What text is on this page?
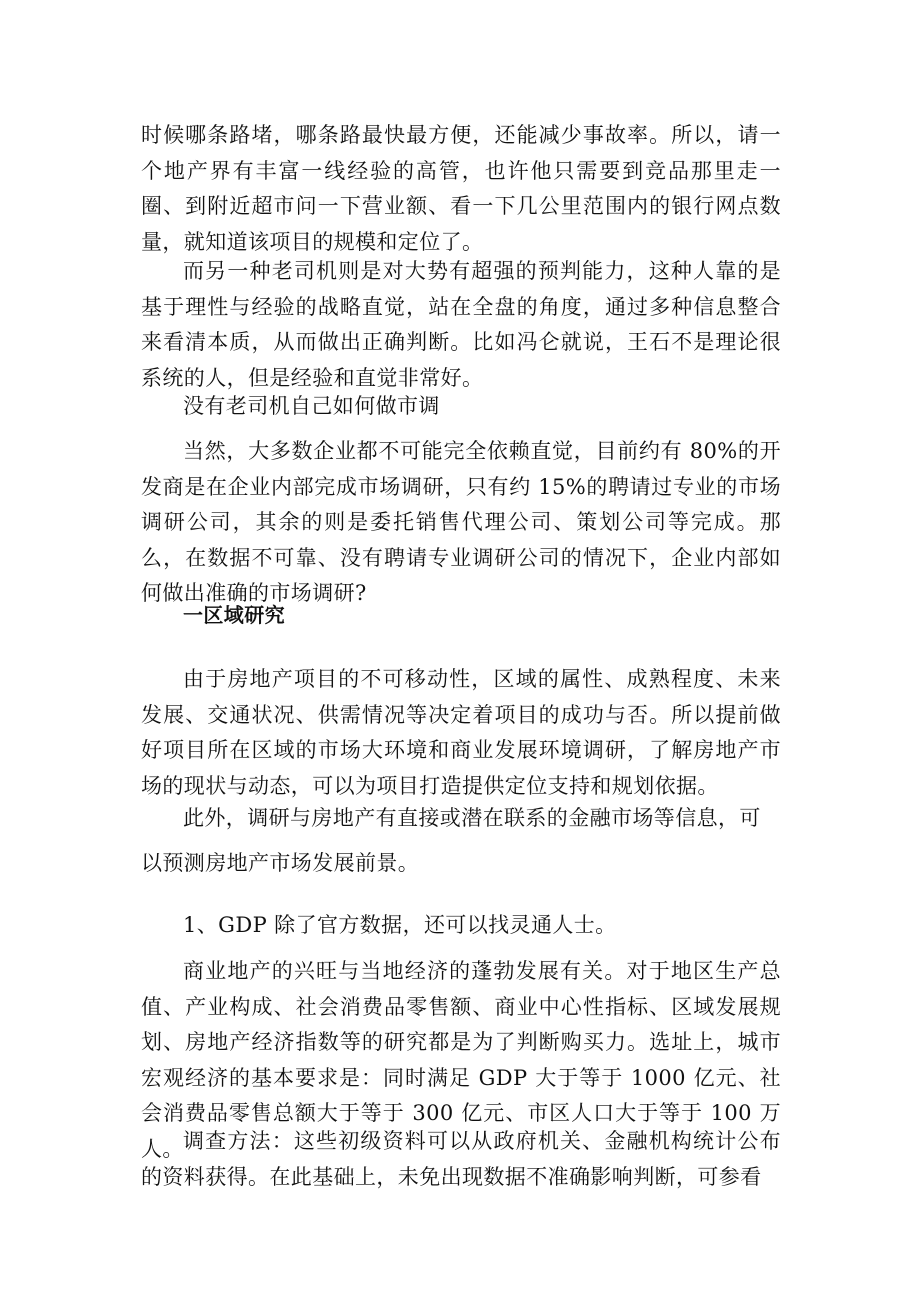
时候哪条路堵，哪条路最快最方便，还能减少事故率。所以，请一个地产界有丰富一线经验的高管，也许他只需要到竞品那里走一圈、到附近超市问一下营业额、看一下几公里范围内的银行网点数量，就知道该项目的规模和定位了。

而另一种老司机则是对大势有超强的预判能力，这种人靠的是基于理性与经验的战略直觉，站在全盘的角度，通过多种信息整合来看清本质，从而做出正确判断。比如冯仑就说，王石不是理论很系统的人，但是经验和直觉非常好。

没有老司机自己如何做市调

当然，大多数企业都不可能完全依赖直觉，目前约有 80%的开发商是在企业内部完成市场调研，只有约 15%的聘请过专业的市场调研公司，其余的则是委托销售代理公司、策划公司等完成。那么，在数据不可靠、没有聘请专业调研公司的情况下，企业内部如何做出准确的市场调研?

一区域研究

由于房地产项目的不可移动性，区域的属性、成熟程度、未来发展、交通状况、供需情况等决定着项目的成功与否。所以提前做好项目所在区域的市场大环境和商业发展环境调研，了解房地产市场的现状与动态，可以为项目打造提供定位支持和规划依据。

此外，调研与房地产有直接或潜在联系的金融市场等信息，可

以预测房地产市场发展前景。

1、GDP 除了官方数据，还可以找灵通人士。

商业地产的兴旺与当地经济的蓬勃发展有关。对于地区生产总值、产业构成、社会消费品零售额、商业中心性指标、区域发展规划、房地产经济指数等的研究都是为了判断购买力。选址上，城市宏观经济的基本要求是：同时满足 GDP 大于等于 1000 亿元、社会消费品零售总额大于等于 300 亿元、市区人口大于等于 100 万人。 调查方法：这些初级资料可以从政府机关、金融机构统计公布的资料获得。在此基础上，未免出现数据不准确影响判断，可参看
